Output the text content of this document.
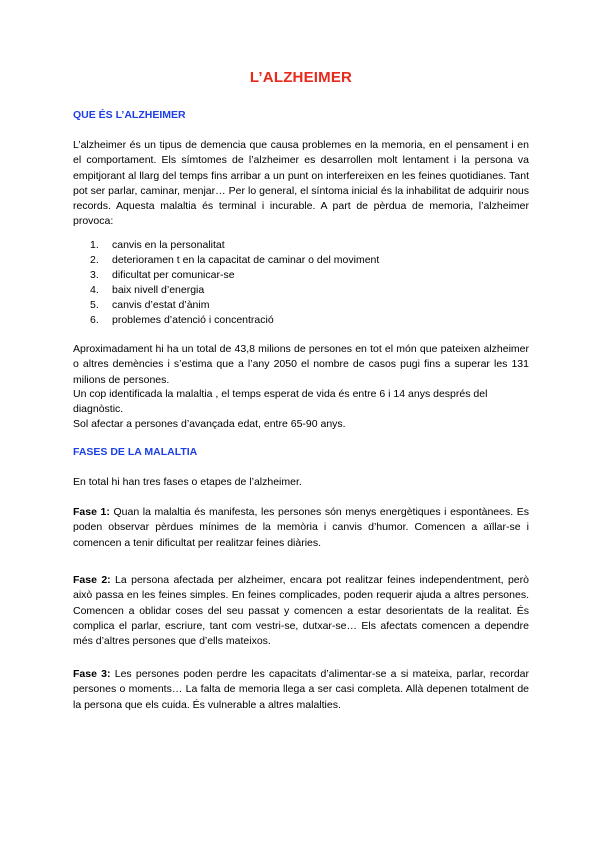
L’ALZHEIMER
QUE ÉS L’ALZHEIMER

L’alzheimer és un tipus de demencia que causa problemes en la memoria, en el pensament i en el comportament. Els símtomes de l’alzheimer es desarrollen molt lentament i la persona va empitjorant al llarg del temps fins arribar a un punt on interfereixen en les feines quotidianes. Tant pot ser parlar, caminar, menjar… Per lo general, el síntoma inicial és la inhabilitat de adquirir nous records. Aquesta malaltia és terminal i incurable. A part de pèrdua de memoria, l’alzheimer provoca:

1.	canvis en la personalitat
2.	deterioramen t en la capacitat de caminar o del moviment
3.	dificultat per comunicar-se
4.	baix nivell d’energia
5.	canvis d’estat d’ànim
6.	problemes d’atenció i concentració

Aproximadament hi ha un total de 43,8 milions de persones en tot el món que pateixen alzheimer o altres demències i s’estima que a l’any 2050 el nombre de casos pugi fins a superar les 131 milions de persones.

Un cop identificada la malaltia , el temps esperat de vida és entre 6 i 14 anys després del diagnòstic.

Sol afectar a persones d’avançada edat, entre 65-90 anys.

FASES DE LA MALALTIA

En total hi han tres fases o etapes de l’alzheimer.

Fase 1: Quan la malaltia és manifesta, les persones són menys energètiques i espontànees. Es poden observar pèrdues mínimes de la memòria i canvis d’humor. Comencen a aïllar-se i comencen a tenir dificultat per realitzar feines diàries.

Fase 2: La persona afectada per alzheimer, encara pot realitzar feines independentment, però això passa en les feines simples. En feines complicades, poden requerir ajuda a altres persones. Comencen a oblidar coses del seu passat y comencen a estar desorientats de la realitat. És complica el parlar, escriure, tant com vestri-se, dutxar-se… Els afectats comencen a dependre més d’altres persones que d’ells mateixos.

Fase 3: Les persones poden perdre les capacitats d’alimentar-se a si mateixa, parlar, recordar persones o moments… La falta de memoria llega a ser casi completa. Allà depenen totalment de la persona que els cuida. És vulnerable a altres malalties.
